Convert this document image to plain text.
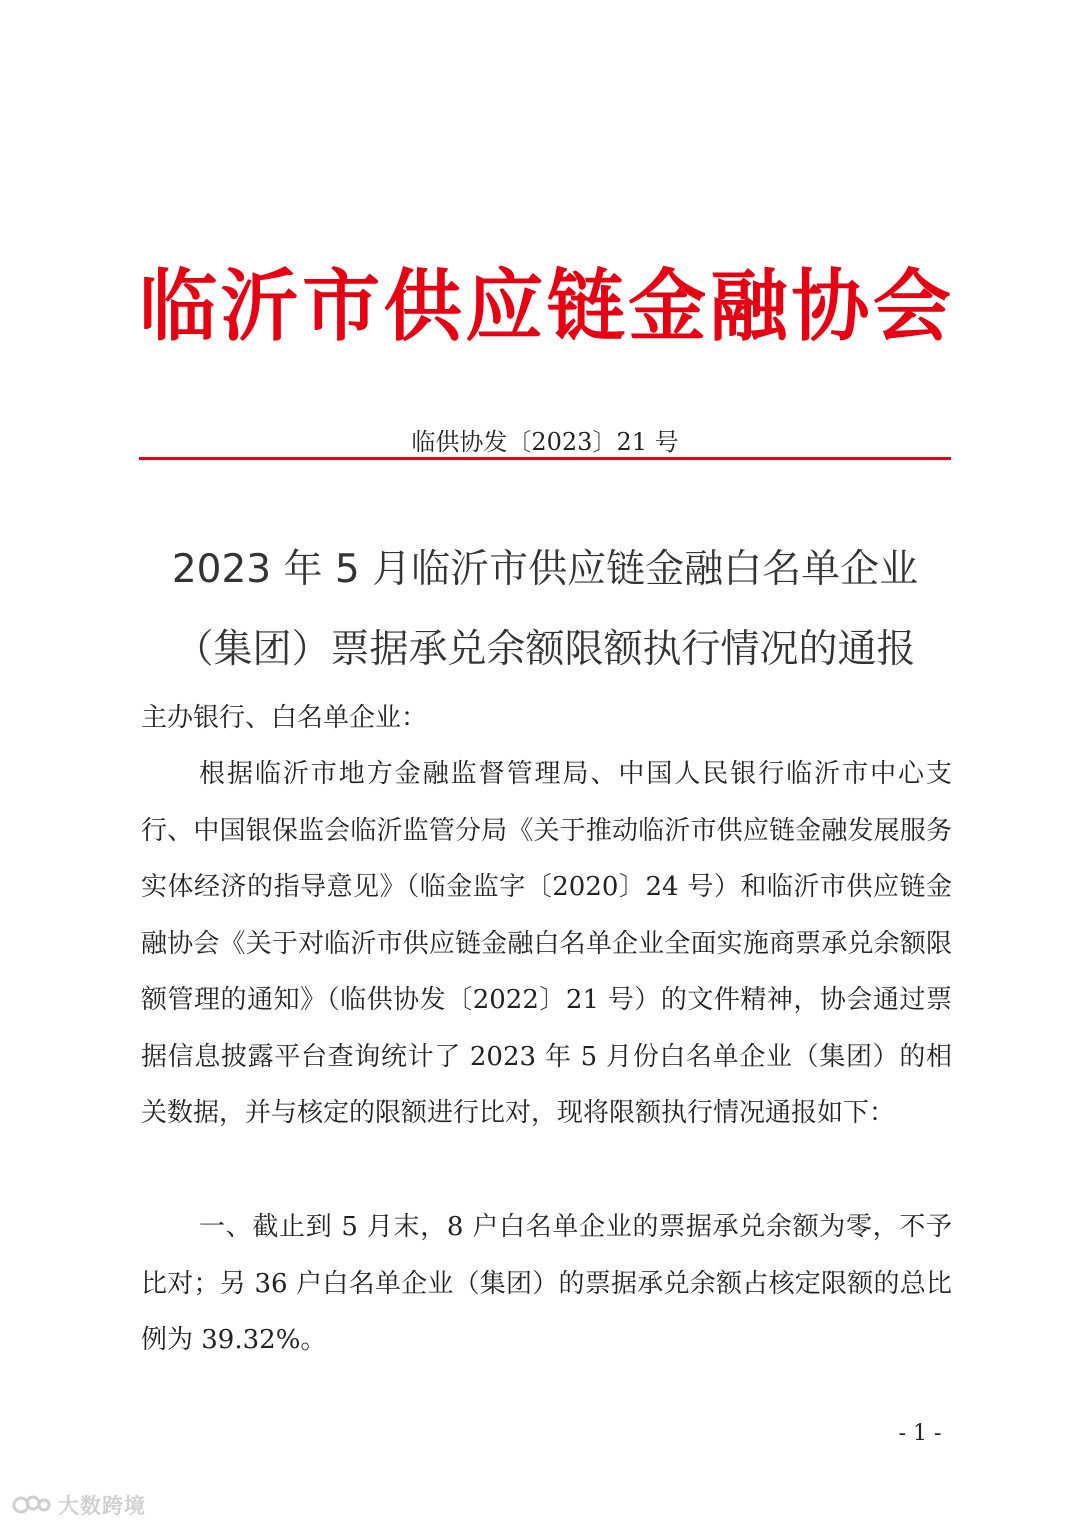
临 沂 市 供 应 链 金 融 协 会
临供协发〔2023〕21 号
2023 年 5 月临沂市供应链金融白名单企业
（集团）票据承兑余额限额执行情况的通报

主办银行、白名单企业：

根据临沂市地方金融监督管理局、中国人民银行临沂市中心支行、中国银保监会临沂监管分局《关于推动临沂市供应链金融发展服务实体经济的指导意见》（临金监字〔2020〕24 号）和临沂市供应链金融协会《关于对临沂市供应链金融白名单企业全面实施商票承兑余额限额管理的通知》（临供协发〔2022〕21 号）的文件精神，协会通过票据信息披露平台查询统计了 2023 年 5 月份白名单企业（集团）的相关数据，并与核定的限额进行比对，现将限额执行情况通报如下：

一、截止到 5 月末，8 户白名单企业的票据承兑余额为零，不予比对；另 36 户白名单企业（集团）的票据承兑余额占核定限额的总比例为 39.32%。

- 1 -
大数跨境
